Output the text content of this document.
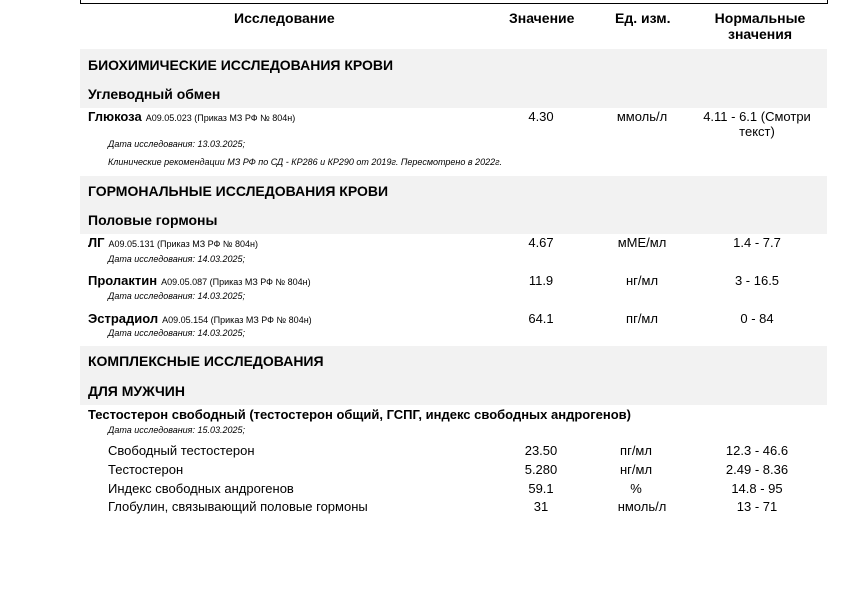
Исследование	Значение	Ед. изм.	Нормальные
значения
БИОХИМИЧЕСКИЕ ИССЛЕДОВАНИЯ КРОВИ
Углеводный обмен
Глюкоза A09.05.023 (Приказ МЗ РФ № 804н)	4.30	ммоль/л	4.11 - 6.1 (Смотри текст)
Дата исследования: 13.03.2025;
Клинические рекомендации МЗ РФ по СД - КР286 и КР290 от 2019г. Пересмотрено в 2022г.
ГОРМОНАЛЬНЫЕ ИССЛЕДОВАНИЯ КРОВИ
Половые гормоны
ЛГ A09.05.131 (Приказ МЗ РФ № 804н)	4.67	мМЕ/мл	1.4 - 7.7
Дата исследования: 14.03.2025;
Пролактин A09.05.087 (Приказ МЗ РФ № 804н)	11.9	нг/мл	3 - 16.5
Дата исследования: 14.03.2025;
Эстрадиол A09.05.154 (Приказ МЗ РФ № 804н)	64.1	пг/мл	0 - 84
Дата исследования: 14.03.2025;
КОМПЛЕКСНЫЕ ИССЛЕДОВАНИЯ
ДЛЯ МУЖЧИН
Тестостерон свободный (тестостерон общий, ГСПГ, индекс свободных андрогенов)
Дата исследования: 15.03.2025;
Свободный тестостерон	23.50	пг/мл	12.3 - 46.6
Тестостерон	5.280	нг/мл	2.49 - 8.36
Индекс свободных андрогенов	59.1	%	14.8 - 95
Глобулин, связывающий половые гормоны	31	нмоль/л	13 - 71
